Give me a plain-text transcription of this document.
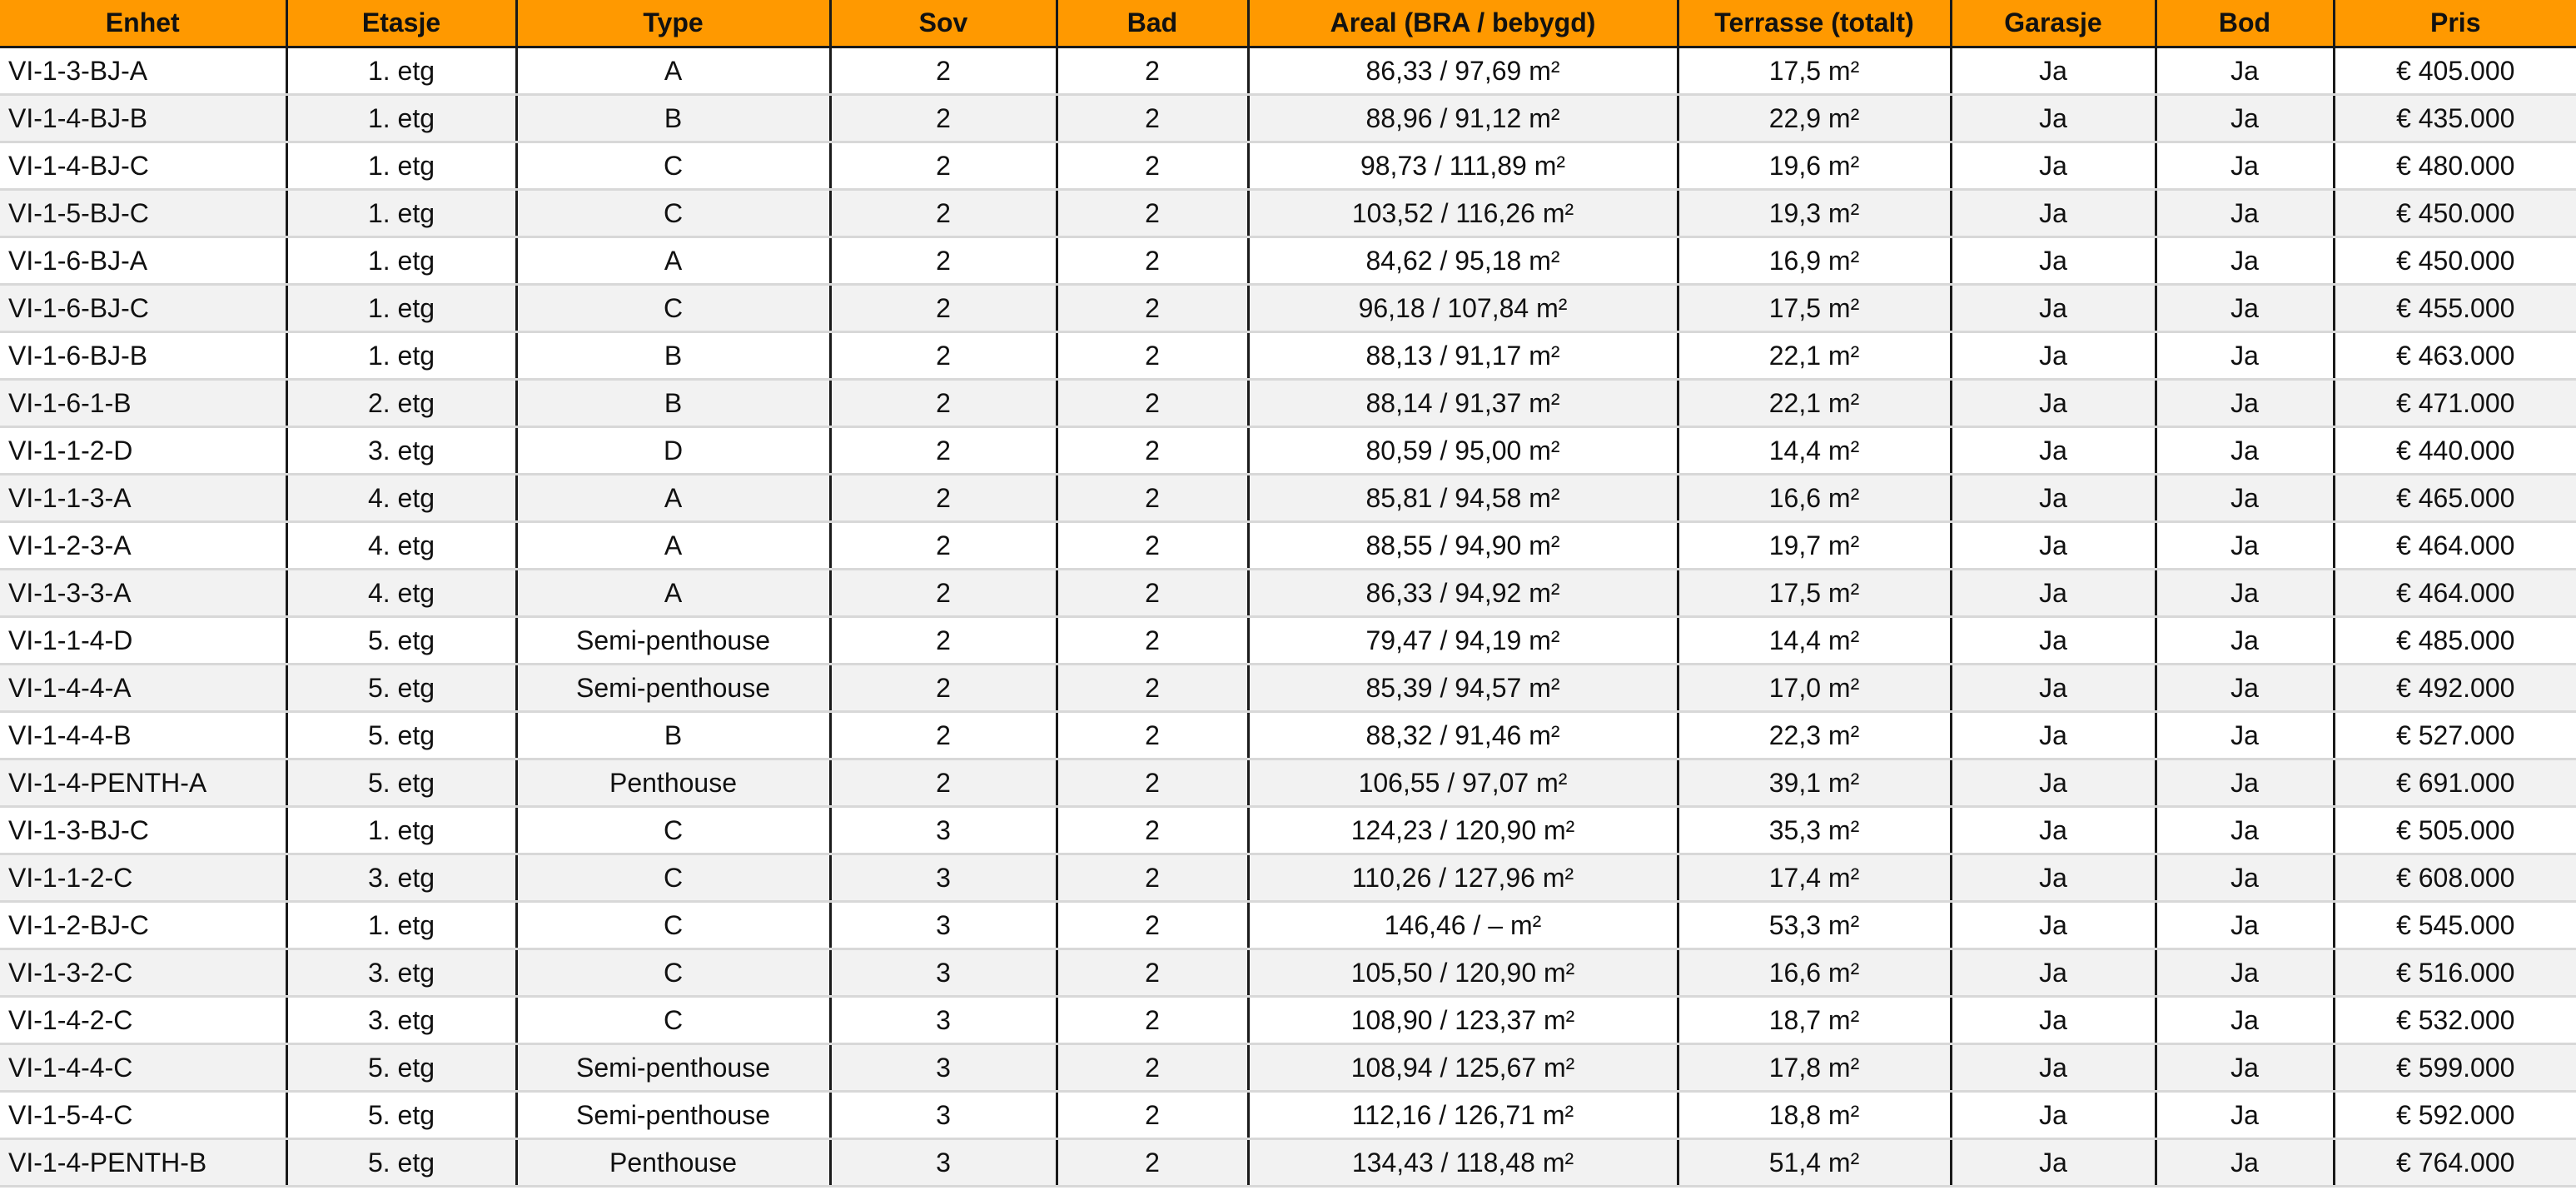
Enhet	Etasje	Type	Sov	Bad	Areal (BRA / bebygd)	Terrasse (totalt)	Garasje	Bod	Pris
VI-1-3-BJ-A	1. etg	A	2	2	86,33 / 97,69 m²	17,5 m²	Ja	Ja	€ 405.000
VI-1-4-BJ-B	1. etg	B	2	2	88,96 / 91,12 m²	22,9 m²	Ja	Ja	€ 435.000
VI-1-4-BJ-C	1. etg	C	2	2	98,73 / 111,89 m²	19,6 m²	Ja	Ja	€ 480.000
VI-1-5-BJ-C	1. etg	C	2	2	103,52 / 116,26 m²	19,3 m²	Ja	Ja	€ 450.000
VI-1-6-BJ-A	1. etg	A	2	2	84,62 / 95,18 m²	16,9 m²	Ja	Ja	€ 450.000
VI-1-6-BJ-C	1. etg	C	2	2	96,18 / 107,84 m²	17,5 m²	Ja	Ja	€ 455.000
VI-1-6-BJ-B	1. etg	B	2	2	88,13 / 91,17 m²	22,1 m²	Ja	Ja	€ 463.000
VI-1-6-1-B	2. etg	B	2	2	88,14 / 91,37 m²	22,1 m²	Ja	Ja	€ 471.000
VI-1-1-2-D	3. etg	D	2	2	80,59 / 95,00 m²	14,4 m²	Ja	Ja	€ 440.000
VI-1-1-3-A	4. etg	A	2	2	85,81 / 94,58 m²	16,6 m²	Ja	Ja	€ 465.000
VI-1-2-3-A	4. etg	A	2	2	88,55 / 94,90 m²	19,7 m²	Ja	Ja	€ 464.000
VI-1-3-3-A	4. etg	A	2	2	86,33 / 94,92 m²	17,5 m²	Ja	Ja	€ 464.000
VI-1-1-4-D	5. etg	Semi-penthouse	2	2	79,47 / 94,19 m²	14,4 m²	Ja	Ja	€ 485.000
VI-1-4-4-A	5. etg	Semi-penthouse	2	2	85,39 / 94,57 m²	17,0 m²	Ja	Ja	€ 492.000
VI-1-4-4-B	5. etg	B	2	2	88,32 / 91,46 m²	22,3 m²	Ja	Ja	€ 527.000
VI-1-4-PENTH-A	5. etg	Penthouse	2	2	106,55 / 97,07 m²	39,1 m²	Ja	Ja	€ 691.000
VI-1-3-BJ-C	1. etg	C	3	2	124,23 / 120,90 m²	35,3 m²	Ja	Ja	€ 505.000
VI-1-1-2-C	3. etg	C	3	2	110,26 / 127,96 m²	17,4 m²	Ja	Ja	€ 608.000
VI-1-2-BJ-C	1. etg	C	3	2	146,46 / – m²	53,3 m²	Ja	Ja	€ 545.000
VI-1-3-2-C	3. etg	C	3	2	105,50 / 120,90 m²	16,6 m²	Ja	Ja	€ 516.000
VI-1-4-2-C	3. etg	C	3	2	108,90 / 123,37 m²	18,7 m²	Ja	Ja	€ 532.000
VI-1-4-4-C	5. etg	Semi-penthouse	3	2	108,94 / 125,67 m²	17,8 m²	Ja	Ja	€ 599.000
VI-1-5-4-C	5. etg	Semi-penthouse	3	2	112,16 / 126,71 m²	18,8 m²	Ja	Ja	€ 592.000
VI-1-4-PENTH-B	5. etg	Penthouse	3	2	134,43 / 118,48 m²	51,4 m²	Ja	Ja	€ 764.000
